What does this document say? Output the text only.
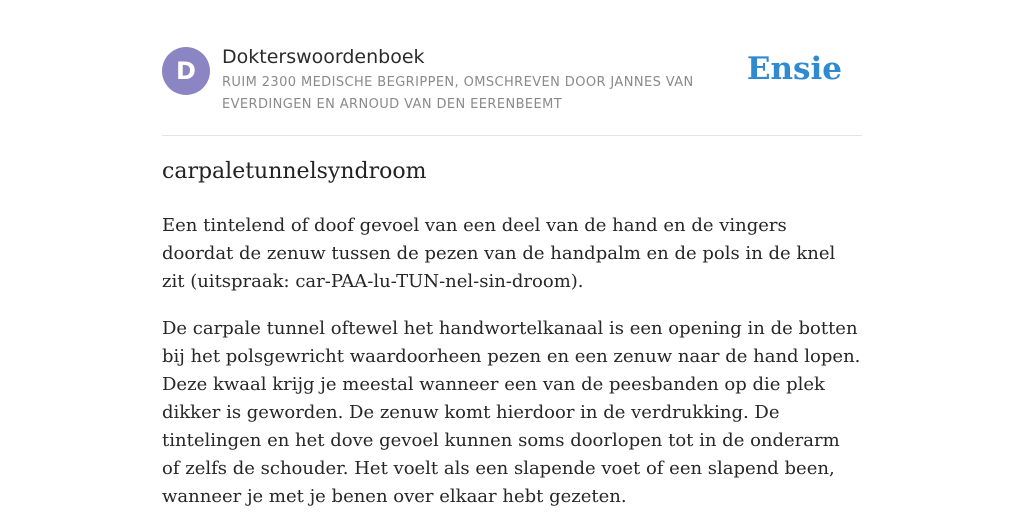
D	Dokterswoordenboek
RUIM 2300 MEDISCHE BEGRIPPEN, OMSCHREVEN DOOR JANNES VAN EVERDINGEN EN ARNOUD VAN DEN EERENBEEMT
Ensie
carpaletunnelsyndroom

Een tintelend of doof gevoel van een deel van de hand en de vingers doordat de zenuw tussen de pezen van de handpalm en de pols in de knel zit (uitspraak: car-PAA-lu-TUN-nel-sin-droom).

De carpale tunnel oftewel het handwortelkanaal is een opening in de botten bij het polsgewricht waardoorheen pezen en een zenuw naar de hand lopen. Deze kwaal krijg je meestal wanneer een van de peesbanden op die plek dikker is geworden. De zenuw komt hierdoor in de verdrukking. De tintelingen en het dove gevoel kunnen soms doorlopen tot in de onderarm of zelfs de schouder. Het voelt als een slapende voet of een slapend been, wanneer je met je benen over elkaar hebt gezeten.
